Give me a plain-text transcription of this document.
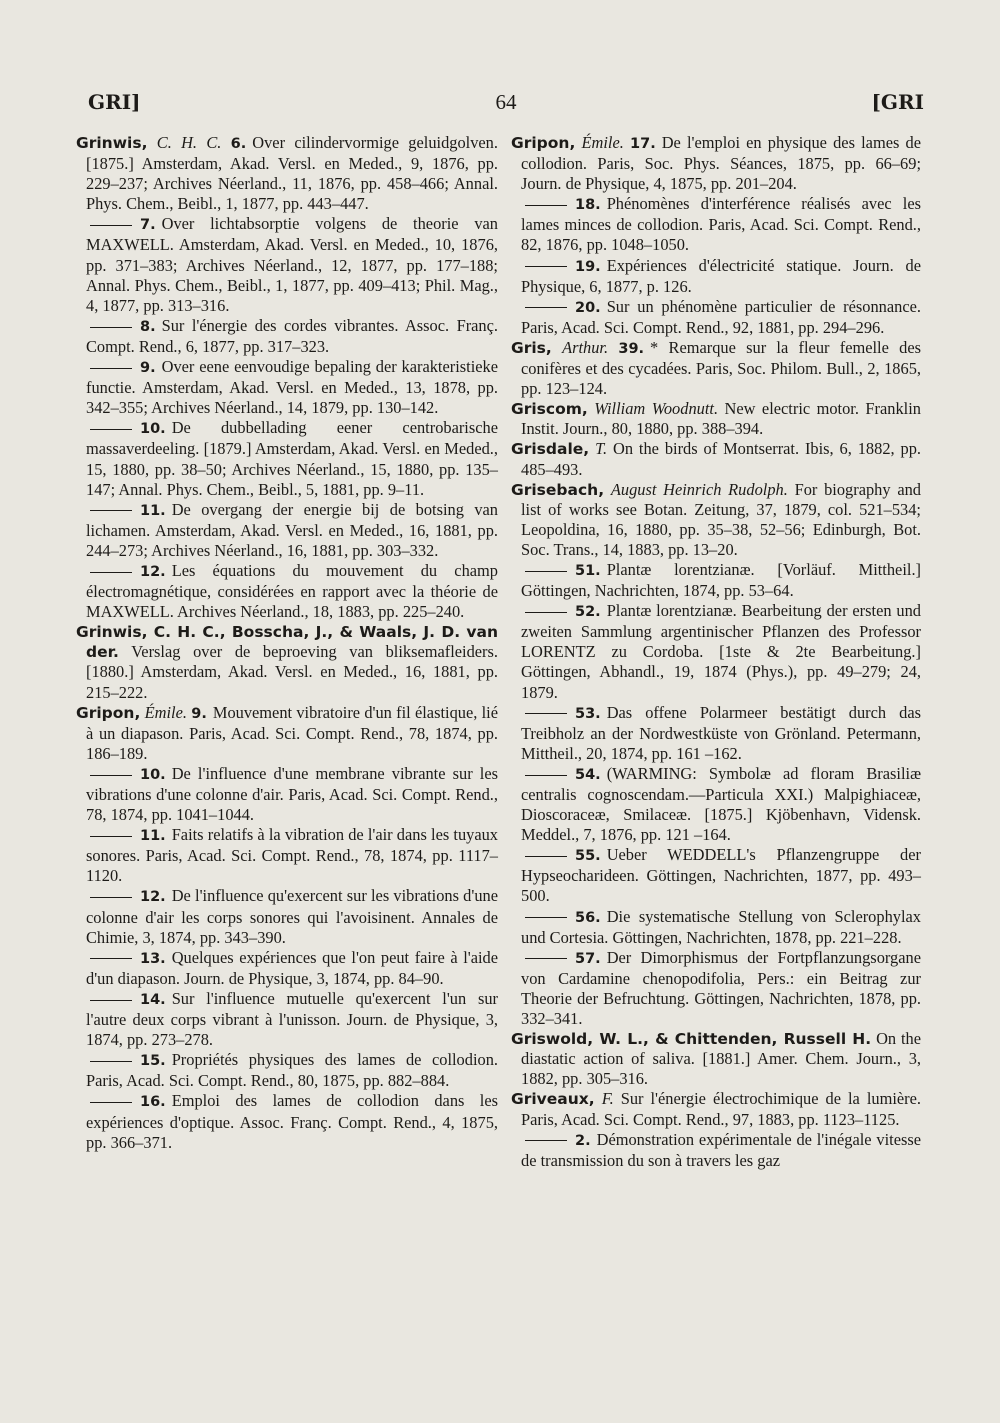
GRI]	64	[GRI

Grinwis, C. H. C. 6. Over cilindervormige geluidgolven. [1875.] Amsterdam, Akad. Versl. en Meded., 9, 1876, pp. 229–237; Archives Néerland., 11, 1876, pp. 458–466; Annal. Phys. Chem., Beibl., 1, 1877, pp. 443–447.

7. Over lichtabsorptie volgens de theorie van MAXWELL. Amsterdam, Akad. Versl. en Meded., 10, 1876, pp. 371–383; Archives Néerland., 12, 1877, pp. 177–188; Annal. Phys. Chem., Beibl., 1, 1877, pp. 409–413; Phil. Mag., 4, 1877, pp. 313–316.

8. Sur l'énergie des cordes vibrantes. Assoc. Franç. Compt. Rend., 6, 1877, pp. 317–323.

9. Over eene eenvoudige bepaling der karakteristieke functie. Amsterdam, Akad. Versl. en Meded., 13, 1878, pp. 342–355; Archives Néerland., 14, 1879, pp. 130–142.

10. De dubbellading eener centrobarische massaverdeeling. [1879.] Amsterdam, Akad. Versl. en Meded., 15, 1880, pp. 38–50; Archives Néerland., 15, 1880, pp. 135–147; Annal. Phys. Chem., Beibl., 5, 1881, pp. 9–11.

11. De overgang der energie bij de botsing van lichamen. Amsterdam, Akad. Versl. en Meded., 16, 1881, pp. 244–273; Archives Néerland., 16, 1881, pp. 303–332.

12. Les équations du mouvement du champ électromagnétique, considérées en rapport avec la théorie de MAXWELL. Archives Néerland., 18, 1883, pp. 225–240.

Grinwis, C. H. C., Bosscha, J., & Waals, J. D. van der. Verslag over de beproeving van bliksemafleiders. [1880.] Amsterdam, Akad. Versl. en Meded., 16, 1881, pp. 215–222.

Gripon, Émile. 9. Mouvement vibratoire d'un fil élastique, lié à un diapason. Paris, Acad. Sci. Compt. Rend., 78, 1874, pp. 186–189.

10. De l'influence d'une membrane vibrante sur les vibrations d'une colonne d'air. Paris, Acad. Sci. Compt. Rend., 78, 1874, pp. 1041–1044.

11. Faits relatifs à la vibration de l'air dans les tuyaux sonores. Paris, Acad. Sci. Compt. Rend., 78, 1874, pp. 1117–1120.

12. De l'influence qu'exercent sur les vibrations d'une colonne d'air les corps sonores qui l'avoisinent. Annales de Chimie, 3, 1874, pp. 343–390.

13. Quelques expériences que l'on peut faire à l'aide d'un diapason. Journ. de Physique, 3, 1874, pp. 84–90.

14. Sur l'influence mutuelle qu'exercent l'un sur l'autre deux corps vibrant à l'unisson. Journ. de Physique, 3, 1874, pp. 273–278.

15. Propriétés physiques des lames de collodion. Paris, Acad. Sci. Compt. Rend., 80, 1875, pp. 882–884.

16. Emploi des lames de collodion dans les expériences d'optique. Assoc. Franç. Compt. Rend., 4, 1875, pp. 366–371.

Gripon, Émile. 17. De l'emploi en physique des lames de collodion. Paris, Soc. Phys. Séances, 1875, pp. 66–69; Journ. de Physique, 4, 1875, pp. 201–204.

18. Phénomènes d'interférence réalisés avec les lames minces de collodion. Paris, Acad. Sci. Compt. Rend., 82, 1876, pp. 1048–1050.

19. Expériences d'électricité statique. Journ. de Physique, 6, 1877, p. 126.

20. Sur un phénomène particulier de résonnance. Paris, Acad. Sci. Compt. Rend., 92, 1881, pp. 294–296.

Gris, Arthur. 39. * Remarque sur la fleur femelle des conifères et des cycadées. Paris, Soc. Philom. Bull., 2, 1865, pp. 123–124.

Griscom, William Woodnutt. New electric motor. Franklin Instit. Journ., 80, 1880, pp. 388–394.

Grisdale, T. On the birds of Montserrat. Ibis, 6, 1882, pp. 485–493.

Grisebach, August Heinrich Rudolph. For biography and list of works see Botan. Zeitung, 37, 1879, col. 521–534; Leopoldina, 16, 1880, pp. 35–38, 52–56; Edinburgh, Bot. Soc. Trans., 14, 1883, pp. 13–20.

51. Plantæ lorentzianæ. [Vorläuf. Mittheil.] Göttingen, Nachrichten, 1874, pp. 53–64.

52. Plantæ lorentzianæ. Bearbeitung der ersten und zweiten Sammlung argentinischer Pflanzen des Professor LORENTZ zu Cordoba. [1ste & 2te Bearbeitung.] Göttingen, Abhandl., 19, 1874 (Phys.), pp. 49–279; 24, 1879.

53. Das offene Polarmeer bestätigt durch das Treibholz an der Nordwestküste von Grönland. Petermann, Mittheil., 20, 1874, pp. 161 –162.

54. (WARMING: Symbolæ ad floram Brasiliæ centralis cognoscendam.—Particula XXI.) Malpighiaceæ, Dioscoraceæ, Smilaceæ. [1875.] Kjöbenhavn, Vidensk. Meddel., 7, 1876, pp. 121 –164.

55. Ueber WEDDELL's Pflanzengruppe der Hypseocharideen. Göttingen, Nachrichten, 1877, pp. 493–500.

56. Die systematische Stellung von Sclerophylax und Cortesia. Göttingen, Nachrichten, 1878, pp. 221–228.

57. Der Dimorphismus der Fortpflanzungsorgane von Cardamine chenopodifolia, Pers.: ein Beitrag zur Theorie der Befruchtung. Göttingen, Nachrichten, 1878, pp. 332–341.

Griswold, W. L., & Chittenden, Russell H. On the diastatic action of saliva. [1881.] Amer. Chem. Journ., 3, 1882, pp. 305–316.

Griveaux, F. Sur l'énergie électrochimique de la lumière. Paris, Acad. Sci. Compt. Rend., 97, 1883, pp. 1123–1125.

2. Démonstration expérimentale de l'inégale vitesse de transmission du son à travers les gaz
